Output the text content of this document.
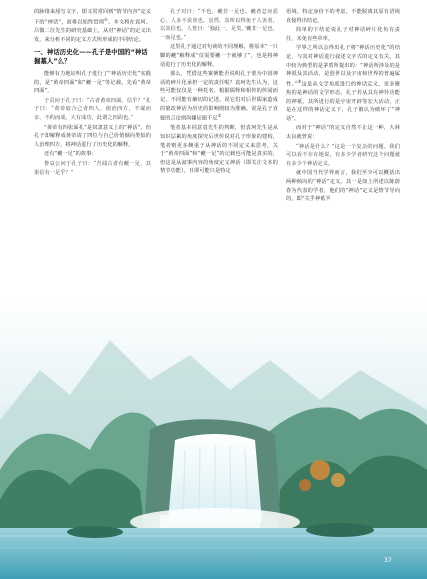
的脉络来厘写文字，即又常常回到“情节内容”定义下的“神话”，而难以始终贯彻①。本文将在袁珂、吕微二位先生的研究基础上，从对“神话”的定义出发，来分析不同的定义方式所形成的不同结论。

一、神话历史化——孔子是中国的“神话掘墓人”么？

能够有力地证明孔子进行了“神话历史化”实践的，是“黄帝四面”和“夔一足”等记载。先看“黄帝四面”。

子贡问于孔子曰：“古者黄帝四面，信乎？”孔子曰：“黄帝取合己者四人，使治四方，不谋而亲，不约而成，大有成功，此谓之四面也。”

“黄帝有四张面孔”是奴隶意义上的“神话”，但孔子却解释成黄帝请了四位与自己价值倾向类似的人治理四方，将神话进行了历史化的解释。

还有“夔一足”的故事：

鲁哀公问于孔子曰：“吾闻古者有夔一足，其果信有一足乎？”

孔子对曰：“不也，夔非一足也。夔者忿戾恶心，人多不说喜也。虽然，其所以得免于人害者，以其信也。人皆曰：‘独此一，足矣。’夔非一足也，一而足也。”

这里孔子通过对句读的不同理解，将原本“一只脚的夔”解释成“仅需要夔一个就够了”，也是将神话进行了历史化的解释。

那么，凭借这些案例能否说明孔子要为中国神话的碎片化承担一定的责任呢？袁珂先生认为，这些可能仅仅是一种托名，根据儒释和相传的传闻而记，不同能有确切的记述。说它们对后世儒家造成的篡改神话为历史的影响则较为准确。说是孔子直接的言论则尚嫌证据不足②

笔者基本同意袁先生的判断，但袁珂先生是从知识层累的角度探究后世传说对孔子形象的建构，笔者则更多侧重于从神话的不同定义来思考。关于“黄帝四面”和“夔一足”的记载也可能是真实的，但这是从叙事内容的角度定义神话（即关注文本的情节功能），且即可能只是特定

语境、特定身份下的考虑，不能脱离其原有语境直接得出结论。

简单的下结论说孔子对神话碎片化负有责任，未免有些草率。

学界之所以会得出孔子将“神话历史化”的结论，与其对神话进行叙述文字式的定义有关。其中较为典型的是茅盾所提出的：“神话所涉及的是神祇及其活动，是创世以及宇宙和世界的普遍属性。”③这是从文学角度进行的神话定义，更多聚焦的是神话的文学形态。孔子若从具有神异功能的神祇，其所进行的是宇宙开辟等宏大活动，正是在这样的神话定义下，孔子被认为破坏了“神话”。

而对于“神话”的定义自然不止这一种，大林太良就曾说：

“神话是什么？”这是一个复杂的问题。我们可以看不存在地说，有多少学者研究这个问题就有多少个神话定义。

就中国当代学界而言，我们至少可以概括出两种倾向的“神话”定义。其一是如上所述以陈蔚春为代表的学者，他们的“神话”定义是情节导向的，即“关乎神祇半

37
